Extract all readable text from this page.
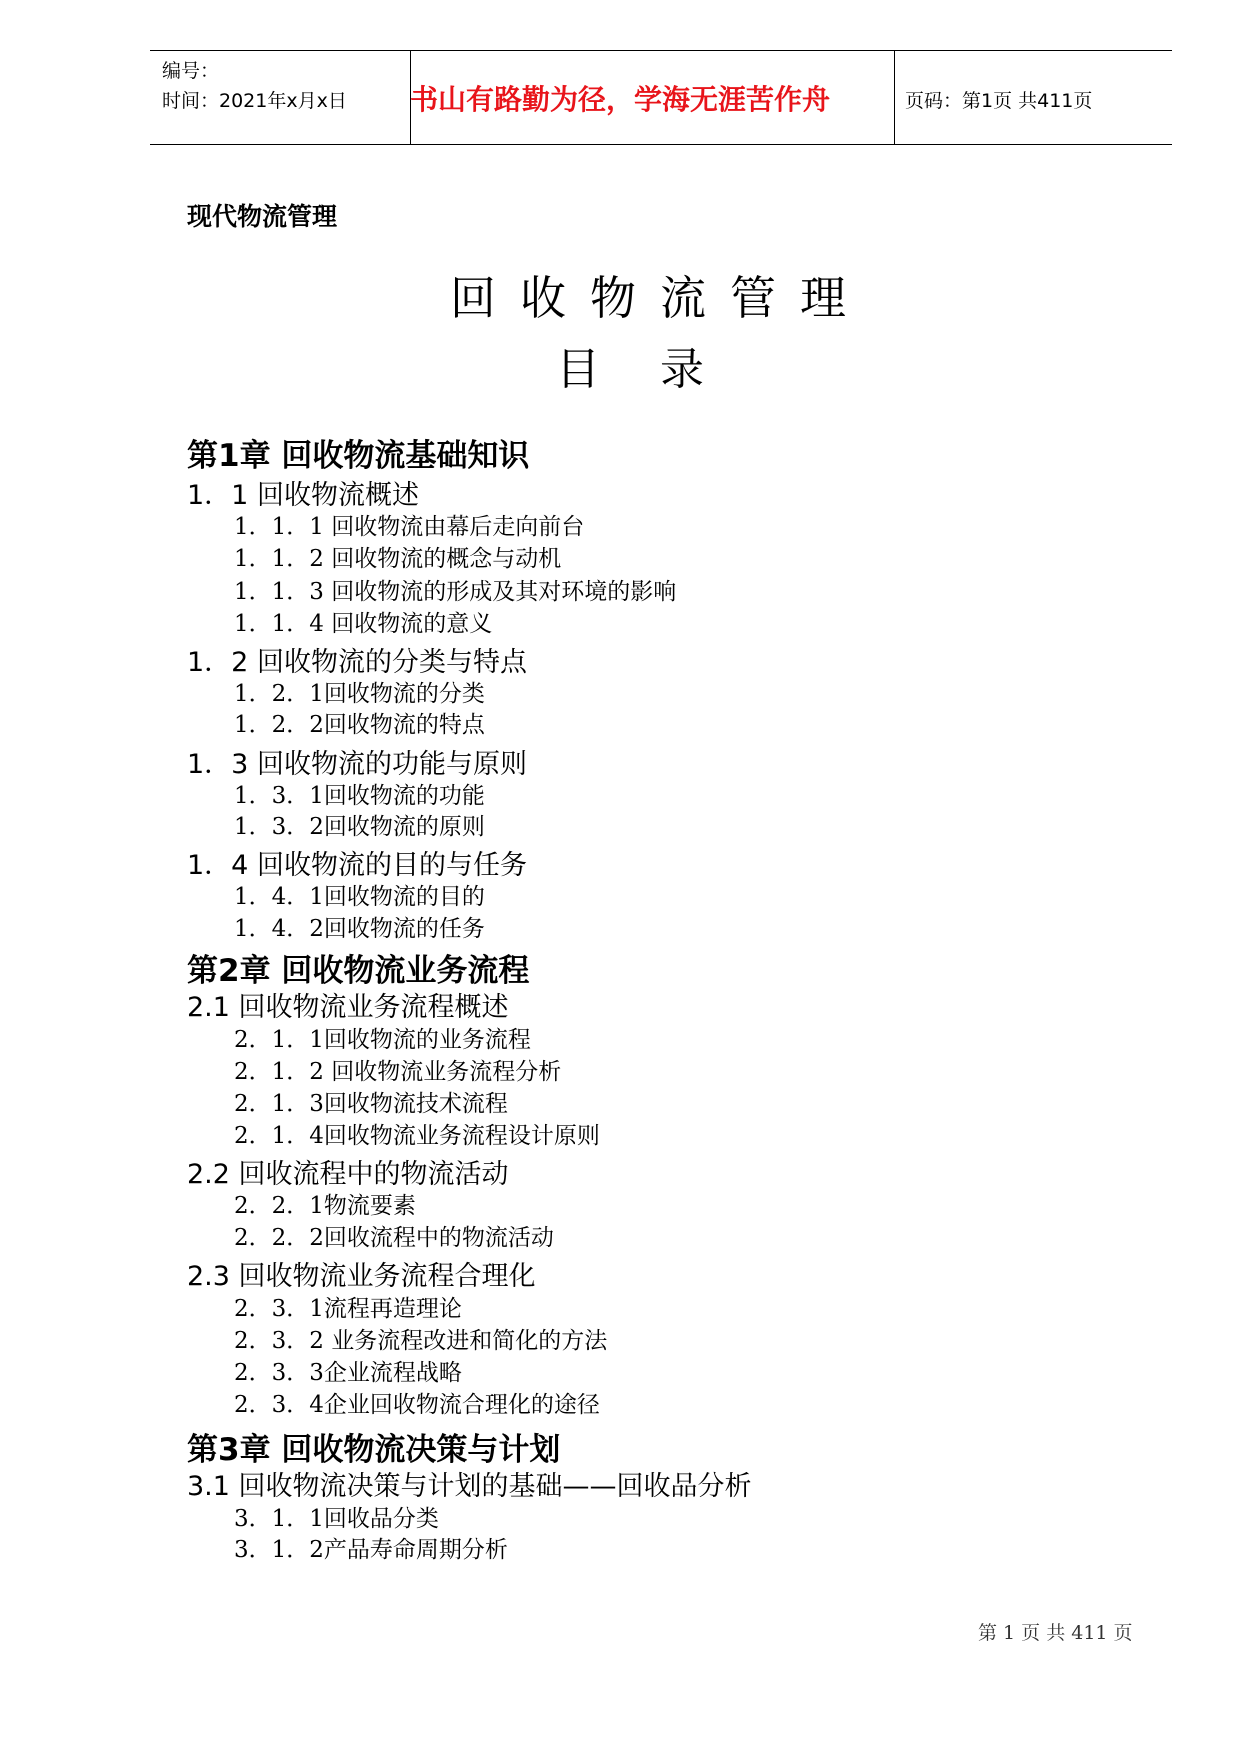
编号：
时间：2021年x月x日 书山有路勤为径，学海无涯苦作舟	页码：第1页 共411页
现代物流管理
回收物流管理
目录
第1章 回收物流基础知识
1．1 回收物流概述
1．1．1 回收物流由幕后走向前台
1．1．2 回收物流的概念与动机
1．1．3 回收物流的形成及其对环境的影响
1．1．4 回收物流的意义
1．2 回收物流的分类与特点
1．2．1回收物流的分类
1．2．2回收物流的特点
1．3 回收物流的功能与原则
1．3．1回收物流的功能
1．3．2回收物流的原则
1．4 回收物流的目的与任务
1．4．1回收物流的目的
1．4．2回收物流的任务
第2章 回收物流业务流程
2.1 回收物流业务流程概述
2．1．1回收物流的业务流程
2．1．2 回收物流业务流程分析
2．1．3回收物流技术流程
2．1．4回收物流业务流程设计原则
2.2 回收流程中的物流活动
2．2．1物流要素
2．2．2回收流程中的物流活动
2.3 回收物流业务流程合理化
2．3．1流程再造理论
2．3．2 业务流程改进和简化的方法
2．3．3企业流程战略
2．3．4企业回收物流合理化的途径
第3章 回收物流决策与计划
3.1 回收物流决策与计划的基础——回收品分析
3．1．1回收品分类
3．1．2产品寿命周期分析
第 1 页 共 411 页
